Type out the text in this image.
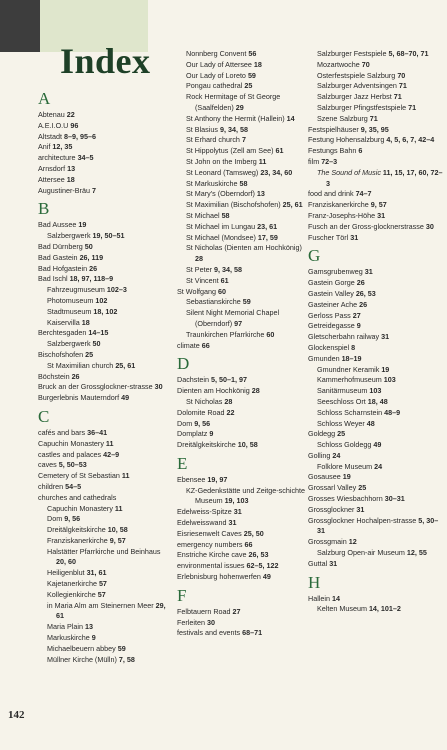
Index
A
Abtenau 22
A.E.I.O.U 96
Altstadt 8–9, 95–6
Anif 12, 35
architecture 34–5
Arnsdorf 13
Attersee 18
Augustiner-Bräu 7
B
Bad Aussee 19
Salzbergwerk 19, 50–51
Bad Dürnberg 50
Bad Gastein 26, 119
Bad Hofgastein 26
Bad Ischl 18, 97, 118–9
Fahrzeugmuseum 102–3
Photomuseum 102
Stadtmuseum 18, 102
Kaiservilla 18
Berchtesgaden 14–15
Salzbergwerk 50
Bischofshofen 25
St Maximilian church 25, 61
Böchstein 26
Bruck an der Grossglockner-strasse 30
Burgerlebnis Mauterndorf 49
C
cafés and bars 36–41
Capuchin Monastery 11
castles and palaces 42–9
caves 5, 50–53
Cemetery of St Sebastian 11
children 54–5
churches and cathedrals
Capuchin Monastery 11
Dom 9, 56
Dreitälgkeitskirche 10, 58
Franziskanerkirche 9, 57
Halstätter Pfarrkirche und Beinhaus 20, 60
Heiligenblut 31, 61
Kajetanerkirche 57
Kollegienkirche 57
in Maria Alm am Steinernen Meer 29, 61
Maria Plain 13
Markuskirche 9
Michaelbeuern abbey 59
Müllner Kirche (Mülln) 7, 58
Nonnberg Convent 56
Our Lady of Attersee 18
Our Lady of Loreto 59
Pongau cathedral 25
Rock Hermitage of St George (Saalfelden) 29
St Anthony the Hermit (Hallein) 14
St Blasius 9, 34, 58
St Erhard church 7
St Hippolytus (Zell am See) 61
St John on the Imberg 11
St Leonard (Tamsweg) 23, 34, 60
St Markuskirche 58
St Mary's (Oberndorf) 13
St Maximilian (Bischofshofen) 25, 61
St Michael 58
St Michael im Lungau 23, 61
St Michael (Mondsee) 17, 59
St Nicholas (Dienten am Hochkönig) 28
St Peter 9, 34, 58
St Vincent 61
St Wolfgang 60
Sebastianskirche 59
Silent Night Memorial Chapel (Oberndorf) 97
Traunkirchen Pfarrkirche 60
climate 66
D
Dachstein 5, 50–1, 97
Dienten am Hochkönig 28
St Nicholas 28
Dolomite Road 22
Dom 9, 56
Domplatz 9
Dreitälgkeitskirche 10, 58
E
Ebensee 19, 97
KZ-Gedenkstätte und Zeitge-schichte Museum 19, 103
Edelweiss-Spitze 31
Edelweisswand 31
Eisriesenwelt Caves 25, 50
emergency numbers 66
Enstriche Kirche cave 26, 53
environmental issues 62–5, 122
Erlebnisburg hohenwerfen 49
F
Felbtauern Road 27
Ferleiten 30
festivals and events 68–71
Salzburger Festspiele 5, 68–70, 71
Mozartwoche 70
Osterfestspiele Salzburg 70
Salzburger Adventsingen 71
Salzburger Jazz Herbst 71
Salzburger Pfingstfestspiele 71
Szene Salzburg 71
Festspielhäuser 9, 35, 95
Festung Hohensalzburg 4, 5, 6, 7, 42–4
Festungs Bahn 6
film 72–3
The Sound of Music 11, 15, 17, 60, 72–3
food and drink 74–7
Franziskanerkirche 9, 57
Franz-Josephs-Höhe 31
Fusch an der Gross-glocknerstrasse 30
Fuscher Törl 31
G
Gamsgrubenweg 31
Gastein Gorge 26
Gastein Valley 26, 53
Gasteiner Ache 26
Gerloss Pass 27
Getreidegasse 9
Gletscherbahn railway 31
Glockenspiel 8
Gmunden 18–19
Gmundner Keramik 19
Kammerhofmuseum 103
Sanitärmuseum 103
Seeschloss Ort 18, 48
Schloss Scharnstein 48–9
Schloss Weyer 48
Goldegg 25
Schloss Goldegg 49
Golling 24
Folklore Museum 24
Gosausee 19
Grossarl Valley 25
Grosses Wiesbachhorn 30–31
Grossglockner 31
Grossglockner Hochalpen-strasse 5, 30–31
Grossgmain 12
Salzburg Open-air Museum 12, 55
Guttal 31
H
Hallein 14
Kelten Museum 14, 101–2
142
